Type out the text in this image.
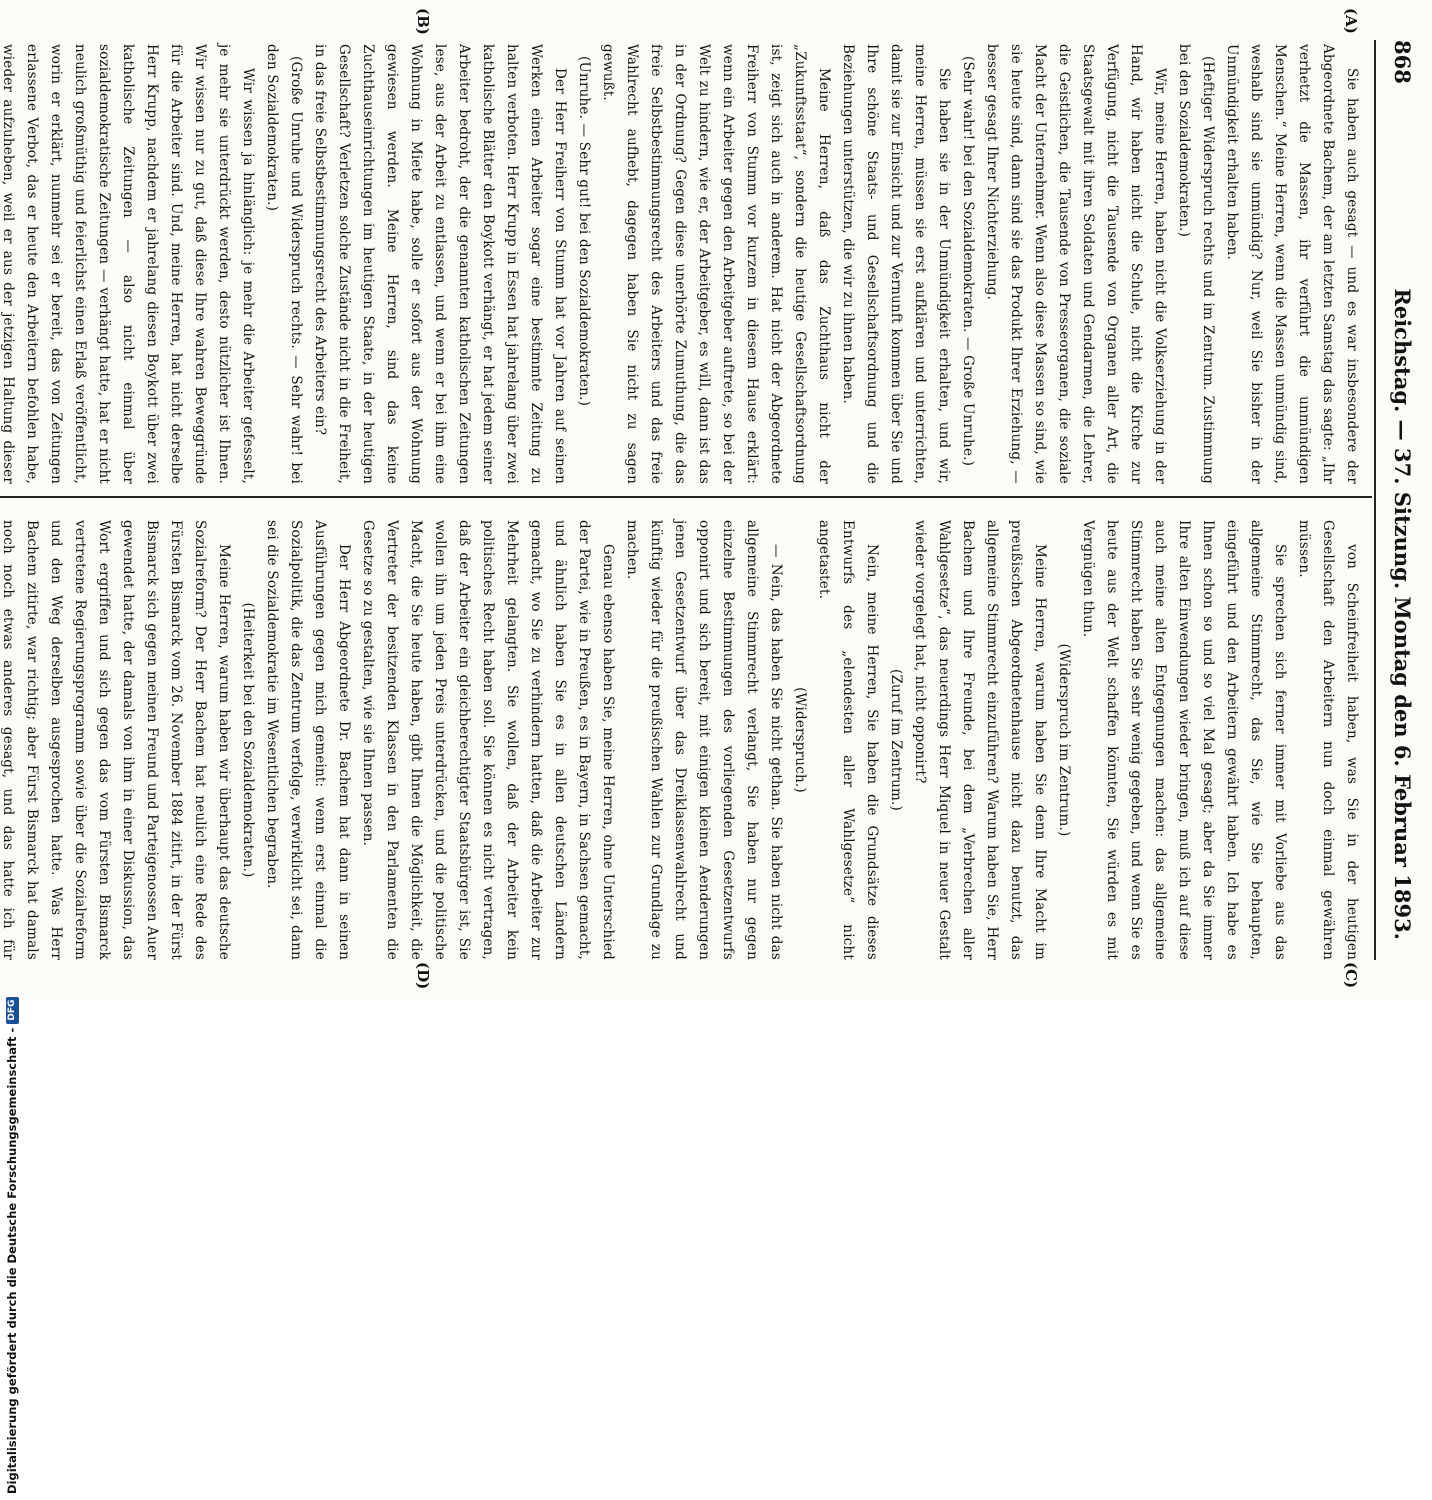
868
Reichstag. — 37. Sitzung. Montag den 6. Februar 1893.
(A)
(B)
(C)
(D)

Sie haben auch gesagt — und es war insbesondere der Abgeordnete Bachem, der am letzten Samstag das sagte: „Ihr verhetzt die Massen, ihr verführt die unmündigen Menschen.“ Meine Herren, wenn die Massen unmündig sind, weshalb sind sie unmündig? Nur, weil Sie bisher in der Unmündigkeit erhalten haben.

(Heftiger Widerspruch rechts und im Zentrum. Zustimmung bei den Sozialdemokraten.)

Wir, meine Herren, haben nicht die Volkserziehung in der Hand, wir haben nicht die Schule, nicht die Kirche zur Verfügung, nicht die Tausende von Organen aller Art, die Staatsgewalt mit ihren Soldaten und Gendarmen, die Lehrer, die Geistlichen, die Tausende von Presseorganen, die soziale Macht der Unternehmer. Wenn also diese Massen so sind, wie sie heute sind, dann sind sie das Produkt Ihrer Erziehung, — besser gesagt Ihrer Nichterziehung.

(Sehr wahr! bei den Sozialdemokraten. — Große Unruhe.)

Sie haben sie in der Unmündigkeit erhalten, und wir, meine Herren, müssen sie erst aufklären und unterrichten, damit sie zur Einsicht und zur Vernunft kommen über Sie und Ihre schöne Staats- und Gesellschaftsordnung und die Beziehungen unterstützen, die wir zu ihnen haben.

Meine Herren, daß das Zuchthaus nicht der „Zukunftsstaat“, sondern die heutige Gesellschaftsordnung ist, zeigt sich auch in anderem. Hat nicht der Abgeordnete Freiherr von Stumm vor kurzem in diesem Hause erklärt: wenn ein Arbeiter gegen den Arbeitgeber auftrete, so bei der Welt zu hindern, wie er, der Arbeitgeber, es will, dann ist das in der Ordnung? Gegen diese unerhörte Zumuthung, die das freie Selbstbestimmungsrecht des Arbeiters und das freie Wahlrecht aufhebt, dagegen haben Sie nicht zu sagen gewußt.

(Unruhe. — Sehr gut! bei den Sozialdemokraten.)

Der Herr Freiherr von Stumm hat vor Jahren auf seinen Werken einen Arbeiter sogar eine bestimmte Zeitung zu halten verboten. Herr Krupp in Essen hat jahrelang über zwei katholische Blätter den Boykott verhängt, er hat jedem seiner Arbeiter bedroht, der die genannten katholischen Zeitungen lese, aus der Arbeit zu entlassen, und wenn er bei ihm eine Wohnung in Miete habe, solle er sofort aus der Wohnung gewiesen werden. Meine Herren, sind das keine Zuchthauseinrichtungen im heutigen Staate, in der heutigen Gesellschaft? Verletzen solche Zustände nicht in die Freiheit, in das freie Selbstbestimmungsrecht des Arbeiters ein?

(Große Unruhe und Widerspruch rechts. — Sehr wahr! bei den Sozialdemokraten.)

Wir wissen ja hinlänglich: je mehr die Arbeiter gefesselt, je mehr sie unterdrückt werden, desto nützlicher ist Ihnen. Wir wissen nur zu gut, daß diese Ihre wahren Beweggründe für die Arbeiter sind. Und, meine Herren, hat nicht derselbe Herr Krupp, nachdem er jahrelang diesen Boykott über zwei katholische Zeitungen — also nicht einmal über sozialdemokratische Zeitungen — verhängt hatte, hat er nicht neulich großmüthig und feierlichst einen Erlaß veröffentlicht, worin er erklärt, nunmehr sei er bereit, das von Zeitungen erlassene Verbot, das er heute den Arbeitern befohlen habe, wieder aufzuheben, weil er aus der jetzigen Haltung dieser

von Scheinfreiheit haben, was Sie in der heutigen Gesellschaft den Arbeitern nun doch einmal gewähren müssen.

Sie sprechen sich ferner immer mit Vorliebe aus das allgemeine Stimmrecht, das Sie, wie Sie behaupten, eingeführt und den Arbeitern gewährt haben. Ich habe es Ihnen schon so und so viel Mal gesagt; aber da Sie immer Ihre alten Einwendungen wieder bringen, muß ich auf diese auch meine alten Entgegnungen machen: das allgemeine Stimmrecht haben Sie sehr wenig gegeben, und wenn Sie es heute aus der Welt schaffen könnten, Sie würden es mit Vergnügen thun.

(Widerspruch im Zentrum.)

Meine Herren, warum haben Sie denn Ihre Macht im preußischen Abgeordnetenhause nicht dazu benutzt, das allgemeine Stimmrecht einzuführen? Warum haben Sie, Herr Bachem und Ihre Freunde, bei dem „Verbrechen aller Wahlgesetze“, das neuerdings Herr Miquel in neuer Gestalt wieder vorgelegt hat, nicht opponirt?

(Zuruf im Zentrum.)

Nein, meine Herren, Sie haben die Grundsätze dieses Entwurfs des „elendesten aller Wahlgesetze“ nicht angetastet.

(Widerspruch.)

— Nein, das haben Sie nicht gethan. Sie haben nicht das allgemeine Stimmrecht verlangt, Sie haben nur gegen einzelne Bestimmungen des vorliegenden Gesetzentwurfs opponirt und sich bereit, mit einigen kleinen Aenderungen jenen Gesetzentwurf über das Dreiklassenwahlrecht und künftig wieder für die preußischen Wahlen zur Grundlage zu machen.

Genau ebenso haben Sie, meine Herren, ohne Unterschied der Partei, wie in Preußen, es in Bayern, in Sachsen gemacht, und ähnlich haben Sie es in allen deutschen Ländern gemacht, wo Sie zu verhindern hatten, daß die Arbeiter zur Mehrheit gelangten. Sie wollen, daß der Arbeiter kein politisches Recht haben soll. Sie können es nicht vertragen, daß der Arbeiter ein gleichberechtigter Staatsbürger ist, Sie wollen ihn um jeden Preis unterdrücken, und die politische Macht, die Sie heute haben, gibt Ihnen die Möglichkeit, die Vertreter der besitzenden Klassen in den Parlamenten die Gesetze so zu gestalten, wie sie Ihnen passen.

Der Herr Abgeordnete Dr. Bachem hat dann in seinen Ausführungen gegen mich gemeint: wenn erst einmal die Sozialpolitik, die das Zentrum verfolge, verwirklicht sei, dann sei die Sozialdemokratie im Wesentlichen begraben.

(Heiterkeit bei den Sozialdemokraten.)

Meine Herren, warum haben wir überhaupt das deutsche Sozialreform? Der Herr Bachem hat neulich eine Rede des Fürsten Bismarck vom 26. November 1884 zitirt, in der Fürst Bismarck sich gegen meinen Freund und Parteigenossen Auer gewendet hatte, der damals von ihm in einer Diskussion, das Wort ergriffen und sich gegen das vom Fürsten Bismarck vertretene Regierungsprogramm sowie über die Sozialreform und den Weg derselben ausgesprochen hatte. Was Herr Bachem zitirte, war richtig; aber Fürst Bismarck hat damals noch noch etwas anderes gesagt, und das hatte ich für

Digitalisierung gefördert durch die Deutsche Forschungsgemeinschaft -
DFG
